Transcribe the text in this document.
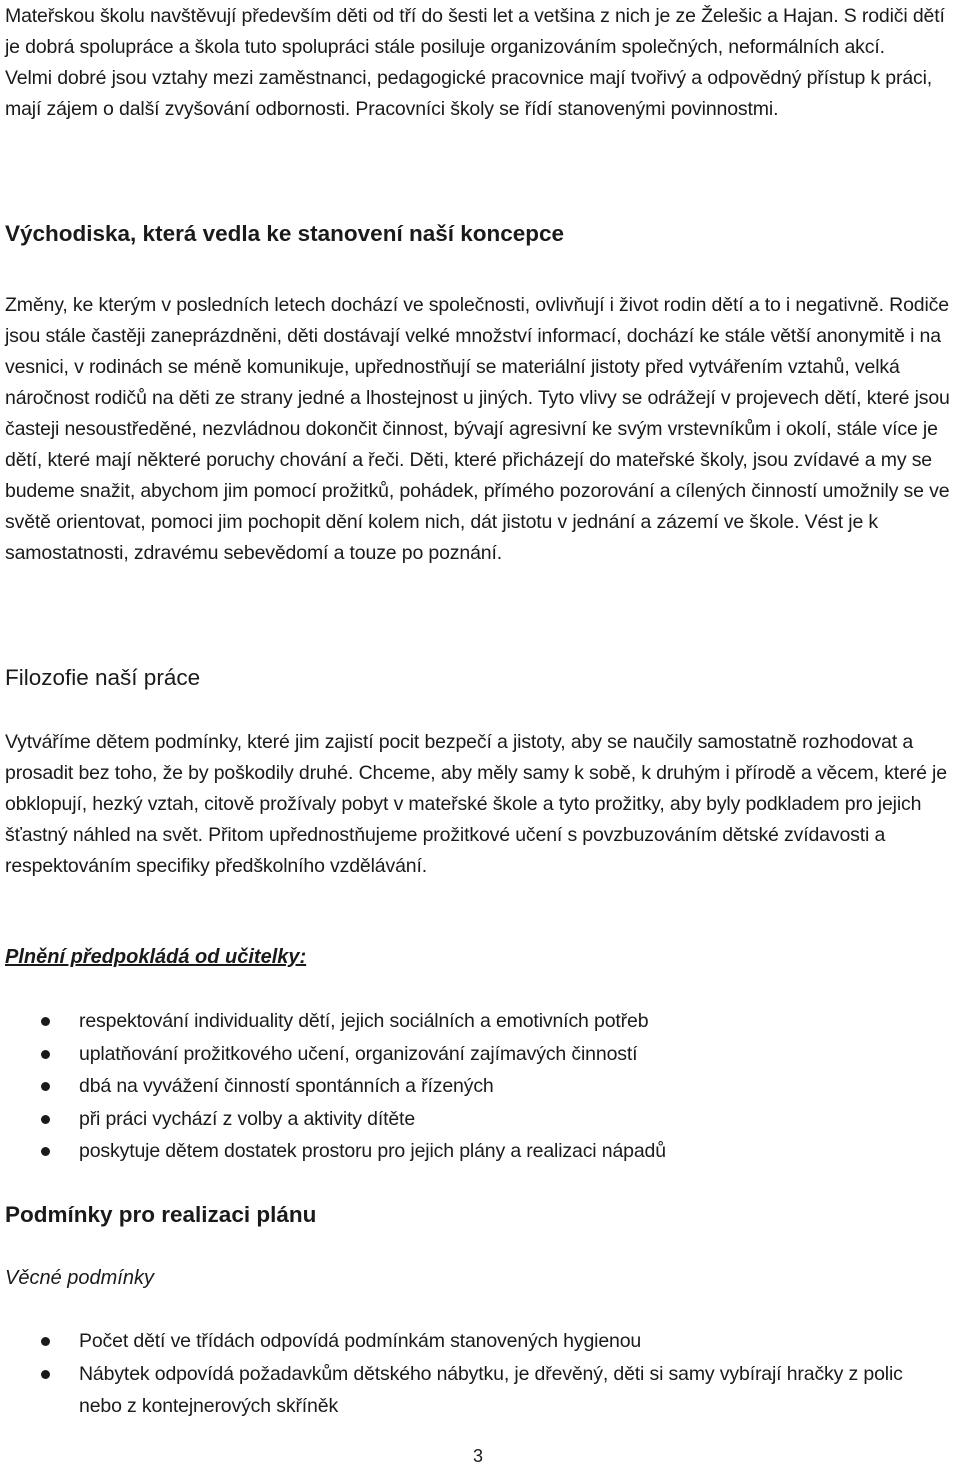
Mateřskou školu navštěvují především děti od tří do šesti let a vetšina z nich je ze Želešic a Hajan. S rodiči dětí je dobrá spolupráce a škola tuto spolupráci stále posiluje organizováním společných, neformálních akcí.
Velmi dobré jsou vztahy mezi zaměstnanci, pedagogické pracovnice mají tvořivý a odpovědný přístup k práci, mají zájem o další zvyšování odbornosti. Pracovníci školy se řídí stanovenými povinnostmi.

Východiska, která vedla ke stanovení naší koncepce

Změny, ke kterým v posledních letech dochází ve společnosti, ovlivňují i život rodin dětí a to i negativně. Rodiče jsou stále častěji zaneprázdněni, děti dostávají velké množství informací, dochází ke stále větší anonymitě i na vesnici, v rodinách se méně komunikuje, upřednostňují se materiální jistoty před vytvářením vztahů, velká náročnost rodičů na děti ze strany jedné a lhostejnost u jiných. Tyto vlivy se odrážejí v projevech dětí, které jsou časteji nesoustředěné, nezvládnou dokončit činnost, bývají agresivní ke svým vrstevníkům i okolí, stále více je dětí, které mají některé poruchy chování a řeči. Děti, které přicházejí do mateřské školy, jsou zvídavé a my se budeme snažit, abychom jim pomocí prožitků, pohádek, přímého pozorování a cílených činností umožnily se ve světě orientovat, pomoci jim pochopit dění kolem nich, dát jistotu v jednání a zázemí ve škole. Vést je k samostatnosti, zdravému sebevědomí a touze po poznání.

Filozofie naší práce

Vytváříme dětem podmínky, které jim zajistí pocit bezpečí a jistoty, aby se naučily samostatně rozhodovat a prosadit bez toho, že by poškodily druhé. Chceme, aby měly samy k sobě, k druhým i přírodě a věcem, které je obklopují, hezký vztah, citově prožívaly pobyt v mateřské škole a tyto prožitky, aby byly podkladem pro jejich šťastný náhled na svět. Přitom upřednostňujeme prožitkové učení s povzbuzováním dětské zvídavosti a respektováním specifiky předškolního vzdělávání.

Plnění předpokládá od učitelky:
respektování individuality dětí, jejich sociálních a emotivních potřeb
uplatňování prožitkového učení, organizování zajímavých činností
dbá na vyvážení činností spontánních a řízených
při práci vychází z volby a aktivity dítěte
poskytuje dětem dostatek prostoru pro jejich plány a realizaci nápadů
Podmínky pro realizaci plánu
Věcné podmínky
Počet dětí ve třídách odpovídá podmínkám stanovených hygienou
Nábytek odpovídá požadavkům dětského nábytku, je dřevěný, děti si samy vybírají hračky z polic nebo z kontejnerových skříněk
3
